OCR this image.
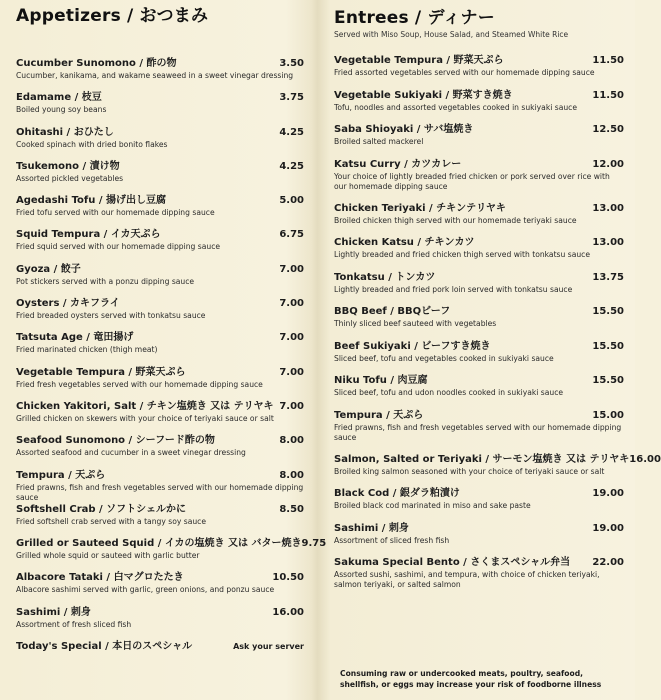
Appetizers / おつまみ
Cucumber Sunomono / 酢の物	3.50
Cucumber, kanikama, and wakame seaweed in a sweet vinegar dressing
Edamame / 枝豆	3.75
Boiled young soy beans
Ohitashi / おひたし	4.25
Cooked spinach with dried bonito flakes
Tsukemono / 漬け物	4.25
Assorted pickled vegetables
Agedashi Tofu / 揚げ出し豆腐	5.00
Fried tofu served with our homemade dipping sauce
Squid Tempura / イカ天ぷら	6.75
Fried squid served with our homemade dipping sauce
Gyoza / 餃子	7.00
Pot stickers served with a ponzu dipping sauce
Oysters / カキフライ	7.00
Fried breaded oysters served with tonkatsu sauce
Tatsuta Age / 竜田揚げ	7.00
Fried marinated chicken (thigh meat)
Vegetable Tempura / 野菜天ぷら	7.00
Fried fresh vegetables served with our homemade dipping sauce
Chicken Yakitori, Salt / チキン塩焼き 又は テリヤキ 7.00
Grilled chicken on skewers with your choice of teriyaki sauce or salt
Seafood Sunomono / シーフード酢の物	8.00
Assorted seafood and cucumber in a sweet vinegar dressing
Tempura / 天ぷら	8.00
Fried prawns, fish and fresh vegetables served with our homemade dipping sauce
Softshell Crab / ソフトシェルかに	8.50
Fried softshell crab served with a tangy soy sauce
Grilled or Sauteed Squid / イカの塩焼き 又は バター焼き 9.75
Grilled whole squid or sauteed with garlic butter
Albacore Tataki / 白マグロたたき	10.50
Albacore sashimi served with garlic, green onions, and ponzu sauce
Sashimi / 刺身	16.00
Assortment of fresh sliced fish
Today's Special / 本日のスペシャル	Ask your server
Entrees / ディナー
Served with Miso Soup, House Salad, and Steamed White Rice
Vegetable Tempura / 野菜天ぷら	11.50
Fried assorted vegetables served with our homemade dipping sauce
Vegetable Sukiyaki / 野菜すき焼き	11.50
Tofu, noodles and assorted vegetables cooked in sukiyaki sauce
Saba Shioyaki / サバ塩焼き	12.50
Broiled salted mackerel
Katsu Curry / カツカレー	12.00
Your choice of lightly breaded fried chicken or pork served over rice with our homemade dipping sauce
Chicken Teriyaki / チキンテリヤキ	13.00
Broiled chicken thigh served with our homemade teriyaki sauce
Chicken Katsu / チキンカツ	13.00
Lightly breaded and fried chicken thigh served with tonkatsu sauce
Tonkatsu / トンカツ	13.75
Lightly breaded and fried pork loin served with tonkatsu sauce
BBQ Beef / BBQビーフ	15.50
Thinly sliced beef sauteed with vegetables
Beef Sukiyaki / ビーフすき焼き	15.50
Sliced beef, tofu and vegetables cooked in sukiyaki sauce
Niku Tofu / 肉豆腐	15.50
Sliced beef, tofu and udon noodles cooked in sukiyaki sauce
Tempura / 天ぷら	15.00
Fried prawns, fish and fresh vegetables served with our homemade dipping sauce
Salmon, Salted or Teriyaki / サーモン塩焼き 又は テリヤキ 16.00
Broiled king salmon seasoned with your choice of teriyaki sauce or salt
Black Cod / 銀ダラ粕漬け	19.00
Broiled black cod marinated in miso and sake paste
Sashimi / 刺身	19.00
Assortment of sliced fresh fish
Sakuma Special Bento / さくまスペシャル弁当 22.00
Assorted sushi, sashimi, and tempura, with choice of chicken teriyaki, salmon teriyaki, or salted salmon
Consuming raw or undercooked meats, poultry, seafood, shellfish, or eggs may increase your risk of foodborne illness
